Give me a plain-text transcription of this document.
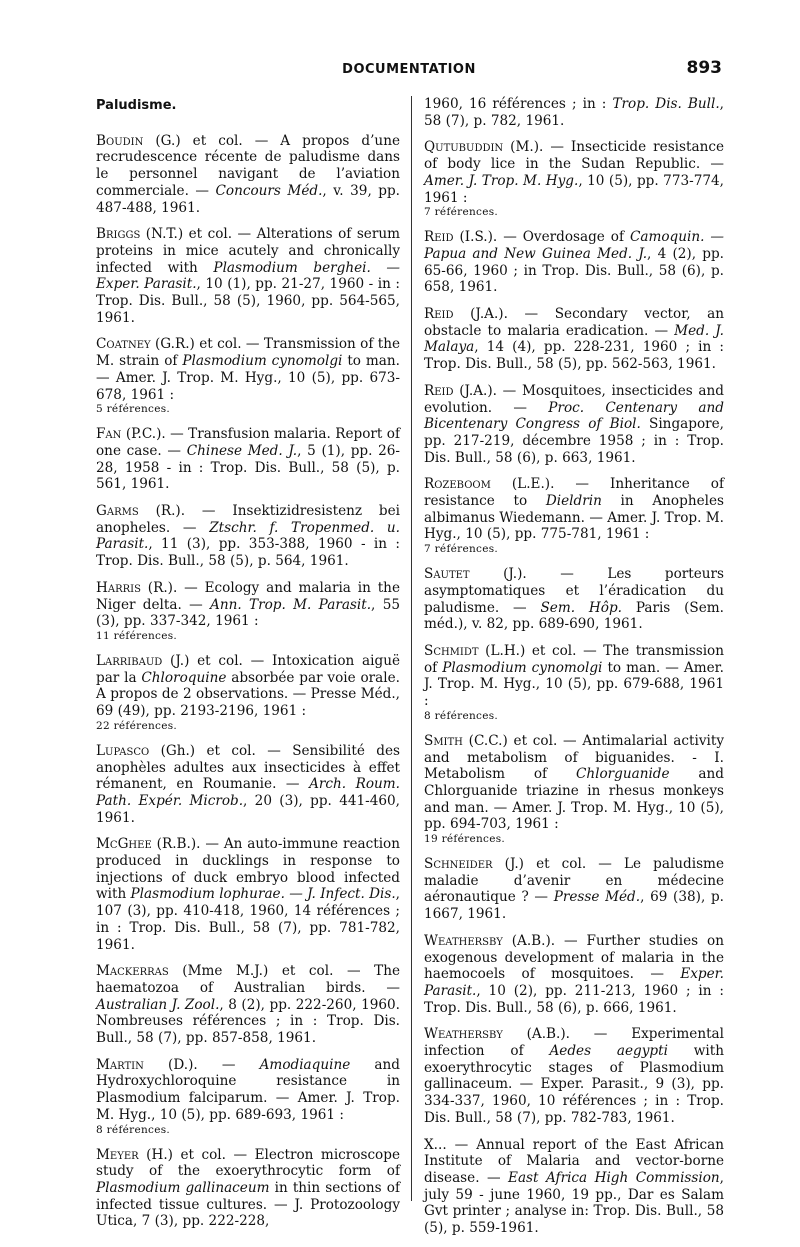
DOCUMENTATION	893
Paludisme.

Boudin (G.) et col. — A propos d’une recrudescence récente de paludisme dans le personnel navigant de l’aviation commerciale. — Concours Méd., v. 39, pp. 487-488, 1961.

Briggs (N.T.) et col. — Alterations of serum proteins in mice acutely and chronically infected with Plasmodium berghei. — Exper. Parasit., 10 (1), pp. 21-27, 1960 - in : Trop. Dis. Bull., 58 (5), 1960, pp. 564-565, 1961.

Coatney (G.R.) et col. — Transmission of the M. strain of Plasmodium cynomolgi to man. — Amer. J. Trop. M. Hyg., 10 (5), pp. 673-678, 1961 :
5 références.

Fan (P.C.). — Transfusion malaria. Report of one case. — Chinese Med. J., 5 (1), pp. 26-28, 1958 - in : Trop. Dis. Bull., 58 (5), p. 561, 1961.

Garms (R.). — Insektizidresistenz bei anopheles. — Ztschr. f. Tropenmed. u. Parasit., 11 (3), pp. 353-388, 1960 - in : Trop. Dis. Bull., 58 (5), p. 564, 1961.

Harris (R.). — Ecology and malaria in the Niger delta. — Ann. Trop. M. Parasit., 55 (3), pp. 337-342, 1961 :
11 références.

Larribaud (J.) et col. — Intoxication aiguë par la Chloroquine absorbée par voie orale. A propos de 2 observations. — Presse Méd., 69 (49), pp. 2193-2196, 1961 :
22 références.

Lupasco (Gh.) et col. — Sensibilité des anophèles adultes aux insecticides à effet rémanent, en Roumanie. — Arch. Roum. Path. Expér. Microb., 20 (3), pp. 441-460, 1961.

McGhee (R.B.). — An auto-immune reaction produced in ducklings in response to injections of duck embryo blood infected with Plasmodium lophurae. — J. Infect. Dis., 107 (3), pp. 410-418, 1960, 14 références ; in : Trop. Dis. Bull., 58 (7), pp. 781-782, 1961.

Mackerras (Mme M.J.) et col. — The haematozoa of Australian birds. — Australian J. Zool., 8 (2), pp. 222-260, 1960. Nombreuses références ; in : Trop. Dis. Bull., 58 (7), pp. 857-858, 1961.

Martin (D.). — Amodiaquine and Hydroxychloroquine resistance in Plasmodium falciparum. — Amer. J. Trop. M. Hyg., 10 (5), pp. 689-693, 1961 :
8 références.

Meyer (H.) et col. — Electron microscope study of the exoerythrocytic form of Plasmodium gallinaceum in thin sections of infected tissue cultures. — J. Protozoology Utica, 7 (3), pp. 222-228,

1960, 16 références ; in : Trop. Dis. Bull., 58 (7), p. 782, 1961.

Qutubuddin (M.). — Insecticide resistance of body lice in the Sudan Republic. — Amer. J. Trop. M. Hyg., 10 (5), pp. 773-774, 1961 :
7 références.

Reid (I.S.). — Overdosage of Camoquin. — Papua and New Guinea Med. J., 4 (2), pp. 65-66, 1960 ; in Trop. Dis. Bull., 58 (6), p. 658, 1961.

Reid (J.A.). — Secondary vector, an obstacle to malaria eradication. — Med. J. Malaya, 14 (4), pp. 228-231, 1960 ; in : Trop. Dis. Bull., 58 (5), pp. 562-563, 1961.

Reid (J.A.). — Mosquitoes, insecticides and evolution. — Proc. Centenary and Bicentenary Congress of Biol. Singapore, pp. 217-219, décembre 1958 ; in : Trop. Dis. Bull., 58 (6), p. 663, 1961.

Rozeboom (L.E.). — Inheritance of resistance to Dieldrin in Anopheles albimanus Wiedemann. — Amer. J. Trop. M. Hyg., 10 (5), pp. 775-781, 1961 :
7 références.

Sautet (J.). — Les porteurs asymptomatiques et l’éradication du paludisme. — Sem. Hôp. Paris (Sem. méd.), v. 82, pp. 689-690, 1961.

Schmidt (L.H.) et col. — The transmission of Plasmodium cynomolgi to man. — Amer. J. Trop. M. Hyg., 10 (5), pp. 679-688, 1961 :
8 références.

Smith (C.C.) et col. — Antimalarial activity and metabolism of biguanides. - I. Metabolism of Chlorguanide and Chlorguanide triazine in rhesus monkeys and man. — Amer. J. Trop. M. Hyg., 10 (5), pp. 694-703, 1961 :
19 références.

Schneider (J.) et col. — Le paludisme maladie d’avenir en médecine aéronautique ? — Presse Méd., 69 (38), p. 1667, 1961.

Weathersby (A.B.). — Further studies on exogenous development of malaria in the haemocoels of mosquitoes. — Exper. Parasit., 10 (2), pp. 211-213, 1960 ; in : Trop. Dis. Bull., 58 (6), p. 666, 1961.

Weathersby (A.B.). — Experimental infection of Aedes aegypti with exoerythrocytic stages of Plasmodium gallinaceum. — Exper. Parasit., 9 (3), pp. 334-337, 1960, 10 références ; in : Trop. Dis. Bull., 58 (7), pp. 782-783, 1961.

X... — Annual report of the East African Institute of Malaria and vector-borne disease. — East Africa High Commission, july 59 - june 1960, 19 pp., Dar es Salam Gvt printer ; analyse in: Trop. Dis. Bull., 58 (5), p. 559-1961.
